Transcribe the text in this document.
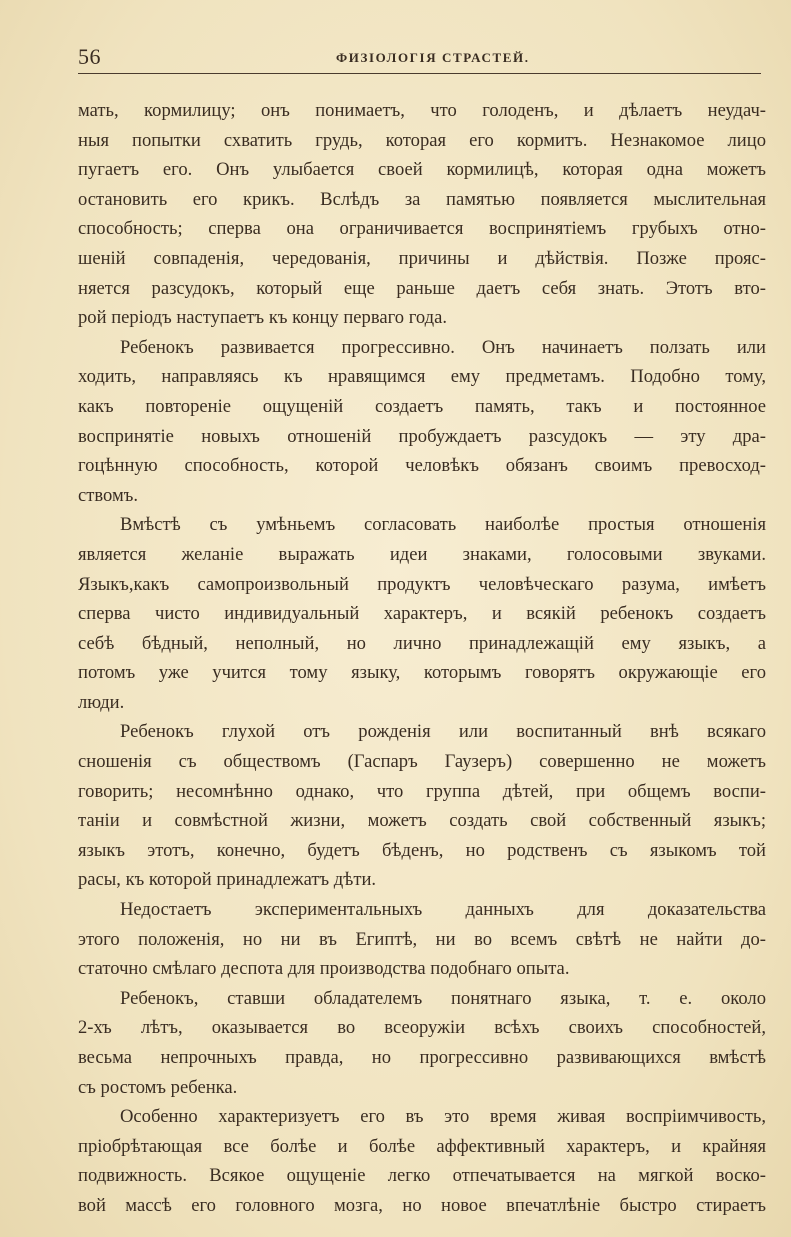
56	ФИЗІОЛОГІЯ СТРАСТЕЙ.

мать, кормилицу; онъ понимаетъ, что голоденъ, и дѣлаетъ неудач-
ныя попытки схватить грудь, которая его кормитъ. Незнакомое лицо
пугаетъ его. Онъ улыбается своей кормилицѣ, которая одна можетъ
остановить его крикъ. Вслѣдъ за памятью появляется мыслительная
способность; сперва она ограничивается воспринятіемъ грубыхъ отно-
шеній совпаденія, чередованія, причины и дѣйствія. Позже прояс-
няется разсудокъ, который еще раньше даетъ себя знать. Этотъ вто-
рой періодъ наступаетъ къ концу перваго года.

Ребенокъ развивается прогрессивно. Онъ начинаетъ ползать или
ходить, направляясь къ нравящимся ему предметамъ. Подобно тому,
какъ повтореніе ощущеній создаетъ память, такъ и постоянное
воспринятіе новыхъ отношеній пробуждаетъ разсудокъ — эту дра-
гоцѣнную способность, которой человѣкъ обязанъ своимъ превосход-
ствомъ.

Вмѣстѣ съ умѣньемъ согласовать наиболѣе простыя отношенія
является желаніе выражать идеи знаками, голосовыми звуками.
Языкъ,какъ самопроизвольный продуктъ человѣческаго разума, имѣетъ
сперва чисто индивидуальный характеръ, и всякій ребенокъ создаетъ
себѣ бѣдный, неполный, но лично принадлежащій ему языкъ, а
потомъ уже учится тому языку, которымъ говорятъ окружающіе его
люди.

Ребенокъ глухой отъ рожденія или воспитанный внѣ всякаго
сношенія съ обществомъ (Гаспаръ Гаузеръ) совершенно не можетъ
говорить; несомнѣнно однако, что группа дѣтей, при общемъ воспи-
таніи и совмѣстной жизни, можетъ создать свой собственный языкъ;
языкъ этотъ, конечно, будетъ бѣденъ, но родственъ съ языкомъ той
расы, къ которой принадлежатъ дѣти.

Недостаетъ экспериментальныхъ данныхъ для доказательства
этого положенія, но ни въ Египтѣ, ни во всемъ свѣтѣ не найти до-
статочно смѣлаго деспота для производства подобнаго опыта.

Ребенокъ, ставши обладателемъ понятнаго языка, т. е. около
2-хъ лѣтъ, оказывается во всеоружіи всѣхъ своихъ способностей,
весьма непрочныхъ правда, но прогрессивно развивающихся вмѣстѣ
съ ростомъ ребенка.

Особенно характеризуетъ его въ это время живая воспріимчивость,
пріобрѣтающая все болѣе и болѣе аффективный характеръ, и крайняя
подвижность. Всякое ощущеніе легко отпечатывается на мягкой воско-
вой массѣ его головного мозга, но новое впечатлѣніе быстро стираетъ
